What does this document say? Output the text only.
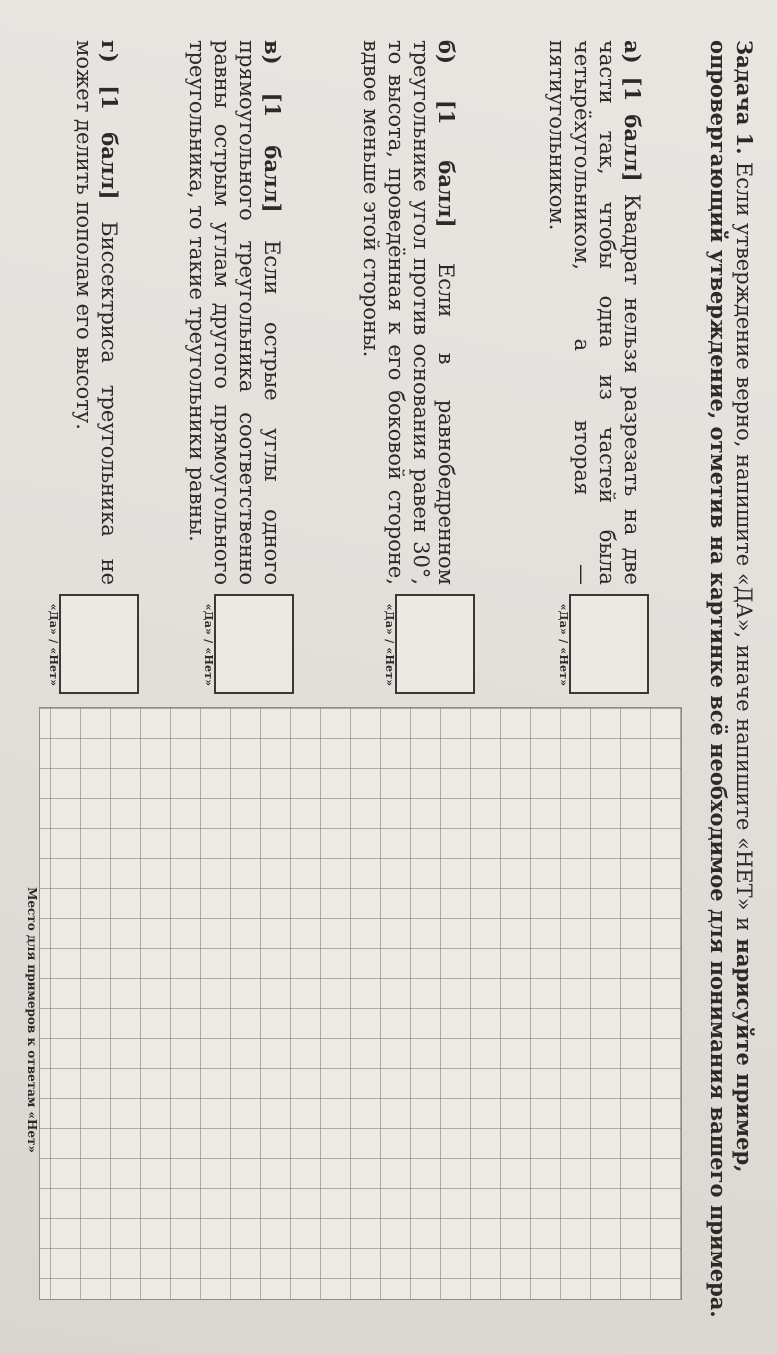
Задача 1. Если утверждение верно, напишите «ДА», иначе напишите «НЕТ» и нарисуйте пример, опровергающий утверждение, отметив на картинке всё необходимое для понимания вашего примера.
а) [1 балл] Квадрат нельзя разрезать на две части так, чтобы одна из частей была четырёхугольником, а вторая — пятиугольником.
«Да» / «Нет»
б) [1 балл] Если в равнобедренном треугольнике угол против основания равен 30°, то высота, проведённая к его боковой стороне, вдвое меньше этой стороны.
«Да» / «Нет»
в) [1 балл] Если острые углы одного прямоугольного треугольника соответственно равны острым углам другого прямоугольного треугольника, то такие треугольники равны.
«Да» / «Нет»
г) [1 балл] Биссектриса треугольника не может делить пополам его высоту.
«Да» / «Нет»
Место для примеров к ответам «Нет»
